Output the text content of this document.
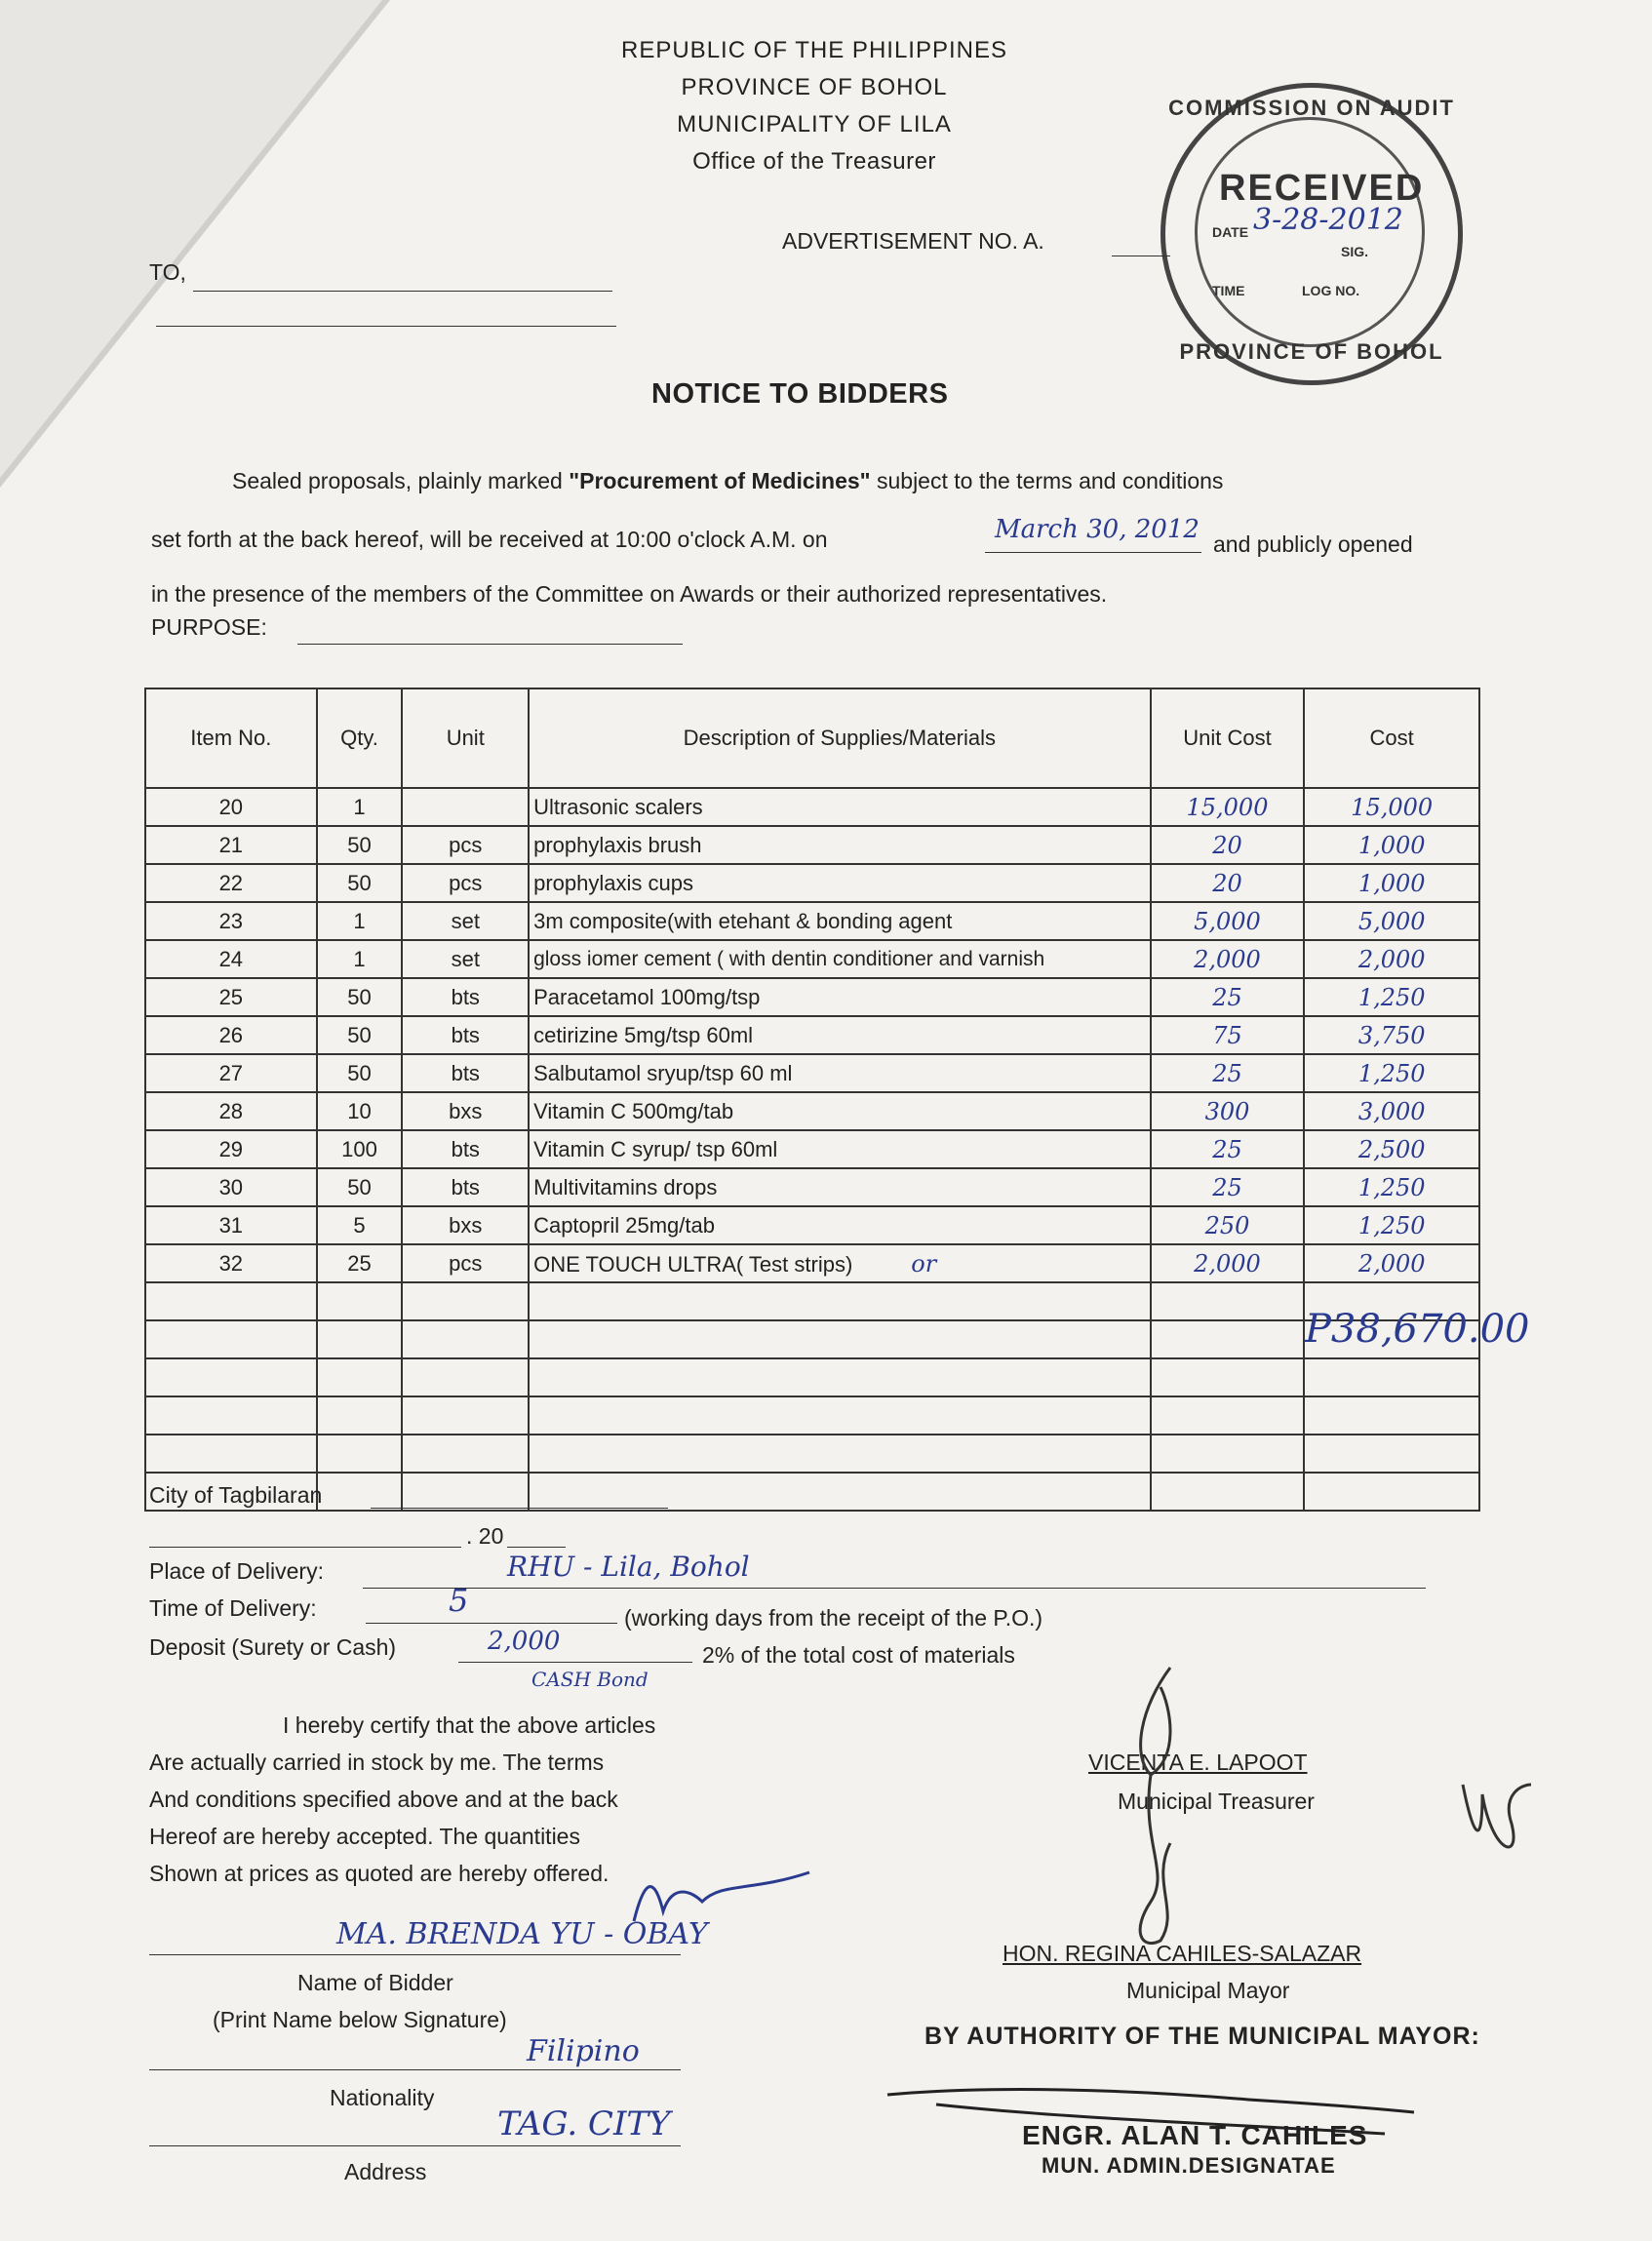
REPUBLIC OF THE PHILIPPINES
PROVINCE OF BOHOL
MUNICIPALITY OF LILA
Office of the Treasurer
COMMISSION ON AUDIT
RECEIVED
DATE 3-28-2012
SIG.
TIME	LOG NO.
PROVINCE OF BOHOL
ADVERTISEMENT NO. A.
TO,
NOTICE TO BIDDERS
Sealed proposals, plainly marked "Procurement of Medicines" subject to the terms and conditions
set forth at the back hereof, will be received at 10:00 o'clock A.M. on	March 30, 2012 and publicly opened
in the presence of the members of the Committee on Awards or their authorized representatives.
PURPOSE:
Item No.	Qty.	Unit	Description of Supplies/Materials	Unit Cost	Cost
20	1		Ultrasonic scalers	15,000	15,000
21	50	pcs	prophylaxis brush	20	1,000
22	50	pcs	prophylaxis cups	20	1,000
23	1	set	3m composite(with etehant & bonding agent	5,000	5,000
24	1	set	gloss iomer cement ( with dentin conditioner and varnish	2,000	2,000
25	50	bts	Paracetamol 100mg/tsp	25	1,250
26	50	bts	cetirizine 5mg/tsp 60ml	75	3,750
27	50	bts	Salbutamol sryup/tsp 60 ml	25	1,250
28	10	bxs	Vitamin C 500mg/tab	300	3,000
29	100	bts	Vitamin C syrup/ tsp 60ml	25	2,500
30	50	bts	Multivitamins drops	25	1,250
31	5	bxs	Captopril 25mg/tab	250	1,250
32	25	pcs	ONE TOUCH ULTRA( Test strips) or	2,000	2,000

P38,670.00
City of Tagbilaran
. 20
Place of Delivery:	RHU - Lila, Bohol
Time of Delivery:	5	(working days from the receipt of the P.O.)
Deposit (Surety or Cash)	2,000	2% of the total cost of materials
CASH Bond
I hereby certify that the above articles
Are actually carried in stock by me. The terms
And conditions specified above and at the back
Hereof are hereby accepted. The quantities
Shown at prices as quoted are hereby offered.
MA. BRENDA YU - OBAY
Name of Bidder
(Print Name below Signature)
Filipino
Nationality
TAG. CITY
Address
VICENTA E. LAPOOT
Municipal Treasurer
HON. REGINA CAHILES-SALAZAR
Municipal Mayor
BY AUTHORITY OF THE MUNICIPAL MAYOR:
ENGR. ALAN T. CAHILES
MUN. ADMIN.DESIGNATAE
